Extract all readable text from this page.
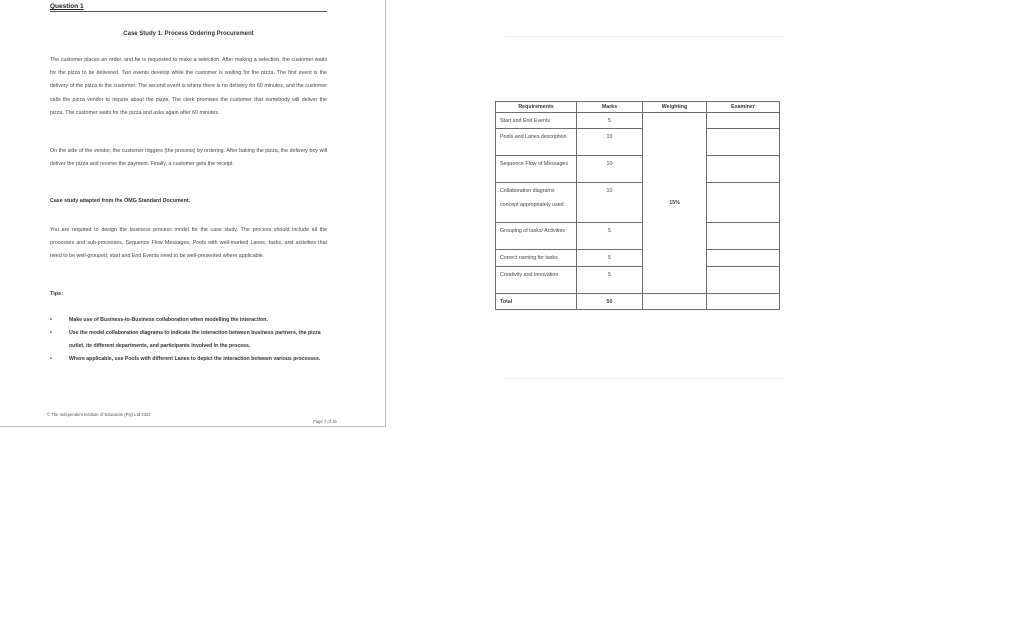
Question 1
Case Study 1: Process Ordering Procurement

The customer places an order, and he is requested to make a selection. After making a selection, the customer waits for the pizza to be delivered. Two events develop while the customer is waiting for the pizza. The first event is the delivery of the pizza to the customer. The second event is where there is no delivery for 60 minutes, and the customer calls the pizza vendor to inquire about the pizza. The clerk promises the customer that somebody will deliver the pizza. The customer waits for the pizza and asks again after 60 minutes.

On the side of the vendor, the customer triggers (the process) by ordering. After baking the pizza, the delivery boy will deliver the pizza and receive the payment. Finally, a customer gets the receipt.

Case study adapted from the OMG Standard Document.

You are required to design the business process model for the case study. The process should include all the processes and sub-processes, Sequence Flow Messages, Pools with well-marked Lanes, tasks, and activities that need to be well-grouped; start and End Events need to be well-presented where applicable.

Tips:
•	Make use of Business-to-Business collaboration when modelling the interaction.
•	Use the model collaboration diagrams to indicate the interaction between business partners, the pizza outlet, its different departments, and participants involved in the process.
•	Where applicable, use Pools with different Lanes to depict the interaction between various processes.
© The Independent Institute of Education (Pty) Ltd 2022
Page 7 of 16
Requirements	Marks	Weighting	Examiner
Start and End Events	5	15%	
Pools and Lanes description	10		
Sequence Flow of Messages	10		
Collaboration diagrams concept appropriately used	10		
Grouping of tasks/ Activities	5		
Correct naming for tasks	5		
Creativity and Innovation	5		
Total	50		
